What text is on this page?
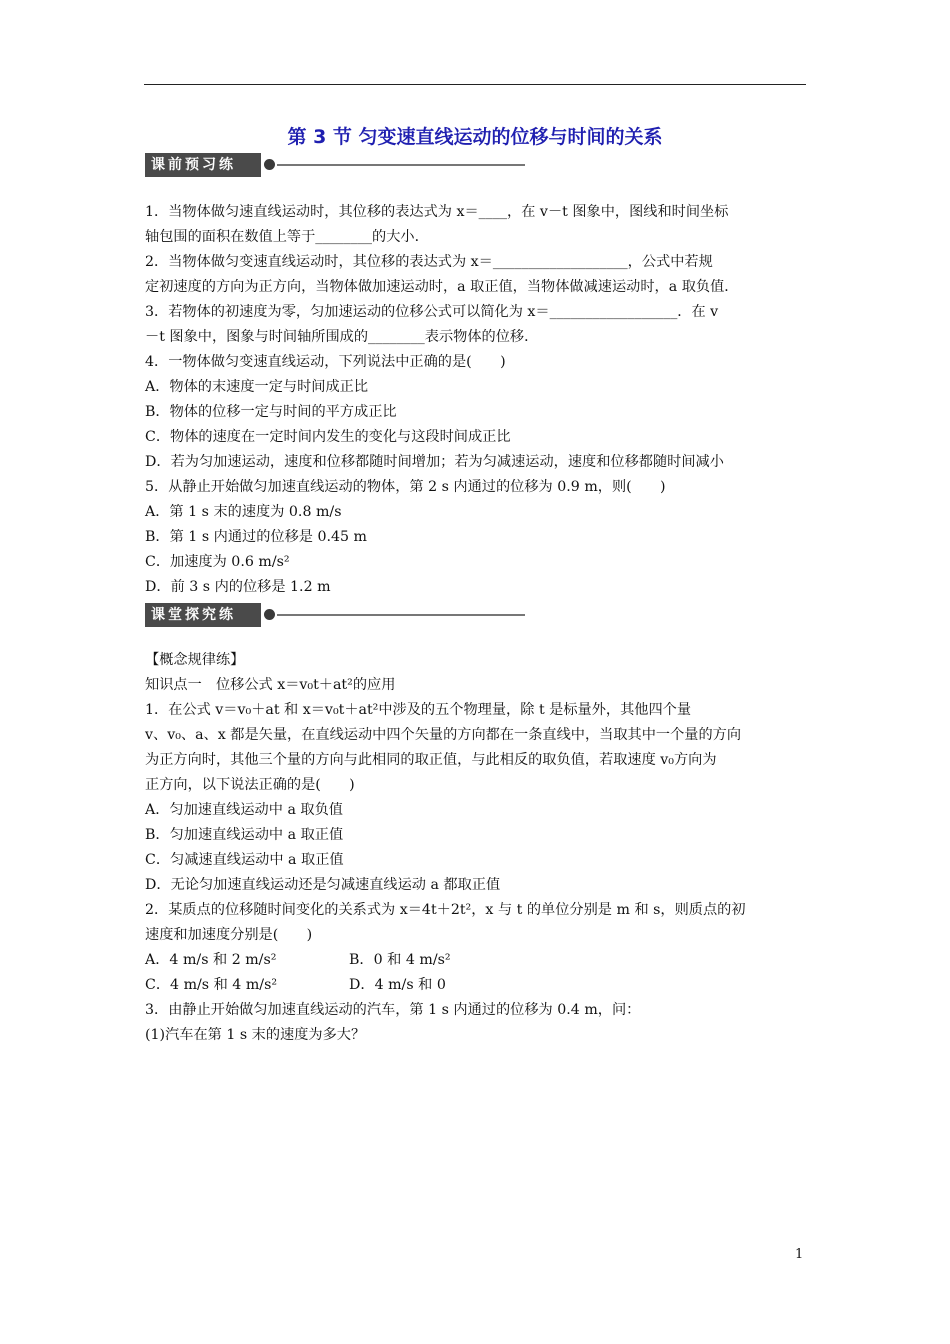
第 3 节 匀变速直线运动的位移与时间的关系
课前预习练

1．当物体做匀速直线运动时，其位移的表达式为 x＝____，在 v－t 图象中，图线和时间坐标

轴包围的面积在数值上等于________的大小．

2．当物体做匀变速直线运动时，其位移的表达式为 x＝___________________，公式中若规

定初速度的方向为正方向，当物体做加速运动时，a 取正值，当物体做减速运动时，a 取负值．

3．若物体的初速度为零，匀加速运动的位移公式可以简化为 x＝__________________．在 v

－t 图象中，图象与时间轴所围成的________表示物体的位移．

4．一物体做匀变速直线运动，下列说法中正确的是(　　)

A．物体的末速度一定与时间成正比

B．物体的位移一定与时间的平方成正比

C．物体的速度在一定时间内发生的变化与这段时间成正比

D．若为匀加速运动，速度和位移都随时间增加；若为匀减速运动，速度和位移都随时间减小

5．从静止开始做匀加速直线运动的物体，第 2 s 内通过的位移为 0.9 m，则(　　)

A．第 1 s 末的速度为 0.8 m/s

B．第 1 s 内通过的位移是 0.45 m

C．加速度为 0.6 m/s²

D．前 3 s 内的位移是 1.2 m

课堂探究练

【概念规律练】

知识点一　位移公式 x＝v₀t＋at²的应用

1．在公式 v＝v₀＋at 和 x＝v₀t＋at²中涉及的五个物理量，除 t 是标量外，其他四个量

v、v₀、a、x 都是矢量，在直线运动中四个矢量的方向都在一条直线中，当取其中一个量的方向

为正方向时，其他三个量的方向与此相同的取正值，与此相反的取负值，若取速度 v₀方向为

正方向，以下说法正确的是(　　)

A．匀加速直线运动中 a 取负值

B．匀加速直线运动中 a 取正值

C．匀减速直线运动中 a 取正值

D．无论匀加速直线运动还是匀减速直线运动 a 都取正值

2．某质点的位移随时间变化的关系式为 x＝4t＋2t²，x 与 t 的单位分别是 m 和 s，则质点的初

速度和加速度分别是(　　)

A．4 m/s 和 2 m/s²	B．0 和 4 m/s²
C．4 m/s 和 4 m/s²	D．4 m/s 和 0

3．由静止开始做匀加速直线运动的汽车，第 1 s 内通过的位移为 0.4 m，问：

(1)汽车在第 1 s 末的速度为多大？

1
